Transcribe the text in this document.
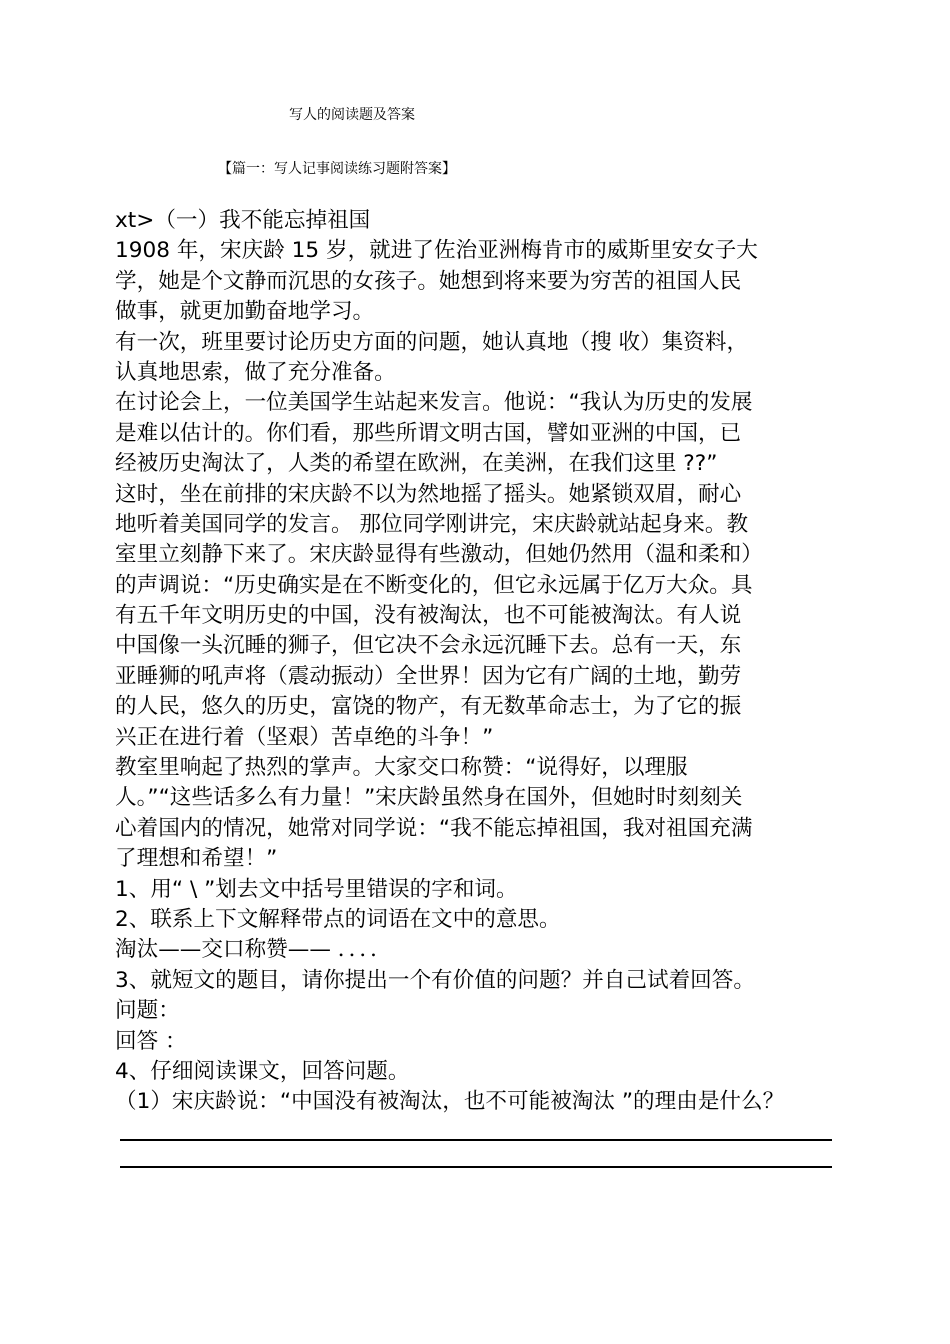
写人的阅读题及答案
【篇一：写人记事阅读练习题附答案】
xt>（一）我不能忘掉祖国
1908 年，宋庆龄 15 岁，就进了佐治亚洲梅肯市的威斯里安女子大
学，她是个文静而沉思的女孩子。她想到将来要为穷苦的祖国人民
做事，就更加勤奋地学习。
有一次，班里要讨论历史方面的问题，她认真地（搜 收）集资料，
认真地思索，做了充分准备。
在讨论会上，一位美国学生站起来发言。他说：“我认为历史的发展
是难以估计的。你们看，那些所谓文明古国，譬如亚洲的中国，已
经被历史淘汰了，人类的希望在欧洲，在美洲，在我们这里 ??”
这时，坐在前排的宋庆龄不以为然地摇了摇头。她紧锁双眉，耐心
地听着美国同学的发言。 那位同学刚讲完，宋庆龄就站起身来。教
室里立刻静下来了。宋庆龄显得有些激动，但她仍然用（温和柔和）
的声调说：“历史确实是在不断变化的，但它永远属于亿万大众。具
有五千年文明历史的中国，没有被淘汰，也不可能被淘汰。有人说
中国像一头沉睡的狮子，但它决不会永远沉睡下去。总有一天，东
亚睡狮的吼声将（震动振动）全世界！因为它有广阔的土地，勤劳
的人民，悠久的历史，富饶的物产，有无数革命志士，为了它的振
兴正在进行着（坚艰）苦卓绝的斗争！”
教室里响起了热烈的掌声。大家交口称赞：“说得好，以理服
人。”“这些话多么有力量！”宋庆龄虽然身在国外，但她时时刻刻关
心着国内的情况，她常对同学说：“我不能忘掉祖国，我对祖国充满
了理想和希望！”
1、用“ \ ”划去文中括号里错误的字和词。
2、联系上下文解释带点的词语在文中的意思。
淘汰——交口称赞—— ．．．．
3、就短文的题目，请你提出一个有价值的问题？并自己试着回答。
问题：
回答 ：
4、仔细阅读课文，回答问题。
（1）宋庆龄说：“中国没有被淘汰，也不可能被淘汰 ”的理由是什么？
